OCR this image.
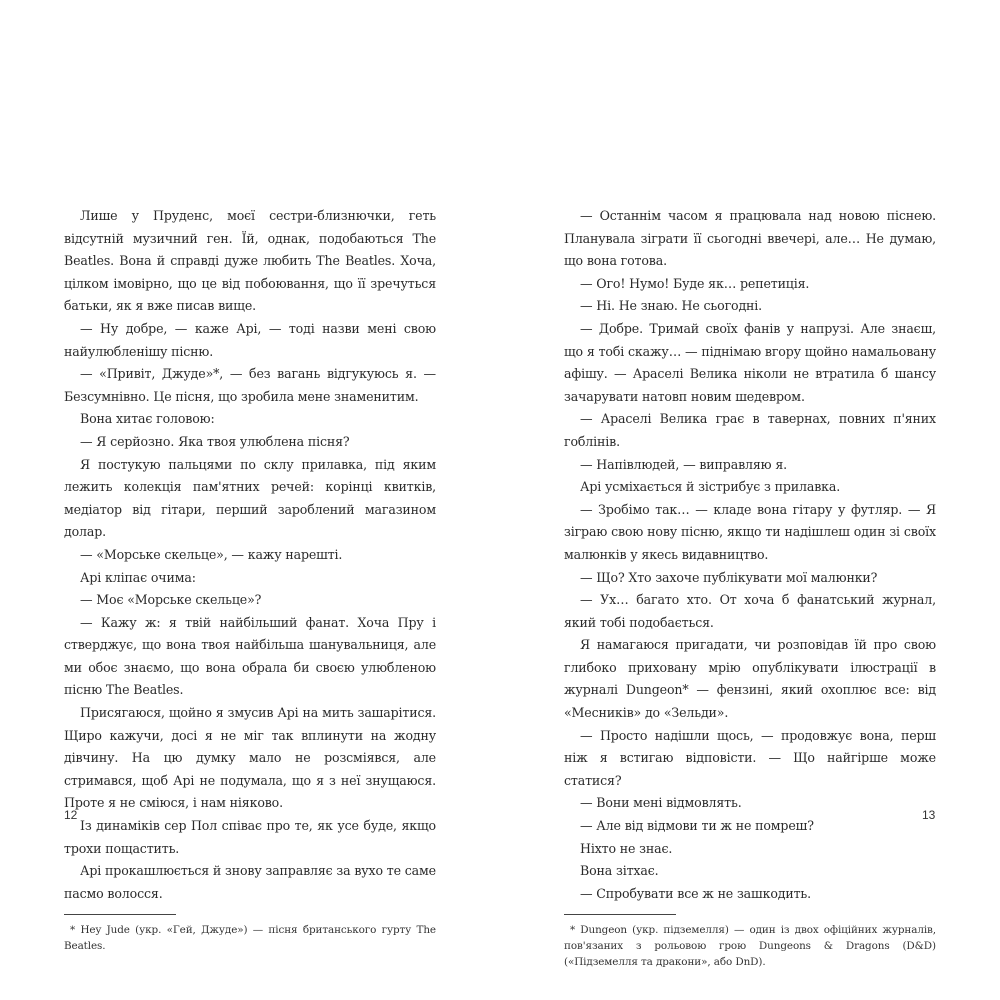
Лише у Пруденс, моєї сестри-близнючки, геть відсутній музичний ген. Їй, однак, подобаються The Beatles. Вона й справді дуже любить The Beatles. Хоча, цілком імовірно, що це від побоювання, що її зречуться батьки, як я вже писав вище.

— Ну добре, — каже Арі, — тоді назви мені свою найулюбленішу пісню.

— «Привіт, Джуде»*, — без вагань відгукуюсь я. — Безсумнівно. Це пісня, що зробила мене знаменитим.

Вона хитає головою:

— Я серйозно. Яка твоя улюблена пісня?

Я постукую пальцями по склу прилавка, під яким лежить колекція пам'ятних речей: корінці квитків, медіатор від гітари, перший зароблений магазином долар.

— «Морське скельце», — кажу нарешті.

Арі кліпає очима:

— Моє «Морське скельце»?

— Кажу ж: я твій найбільший фанат. Хоча Пру і стверджує, що вона твоя найбільша шанувальниця, але ми обоє знаємо, що вона обрала би своєю улюбленою пісню The Beatles.

Присягаюся, щойно я змусив Арі на мить зашарітися. Щиро кажучи, досі я не міг так вплинути на жодну дівчину. На цю думку мало не розсміявся, але стримався, щоб Арі не подумала, що я з неї знущаюся. Проте я не сміюся, і нам ніяково.

Із динаміків сер Пол співає про те, як усе буде, якщо трохи пощастить.

Арі прокашлюється й знову заправляє за вухо те саме пасмо волосся.

* Hey Jude (укр. «Гей, Джуде») — пісня британського гурту The Beatles.

— Останнім часом я працювала над новою піснею. Планувала зіграти її сьогодні ввечері, але… Не думаю, що вона готова.

— Ого! Нумо! Буде як… репетиція.

— Ні. Не знаю. Не сьогодні.

— Добре. Тримай своїх фанів у напрузі. Але знаєш, що я тобі скажу… — піднімаю вгору щойно намальовану афішу. — Араселі Велика ніколи не втратила б шансу зачарувати натовп новим шедевром.

— Араселі Велика грає в тавернах, повних п'яних гоблінів.

— Напівлюдей, — виправляю я.

Арі усміхається й зістрибує з прилавка.

— Зробімо так… — кладе вона гітару у футляр. — Я зіграю свою нову пісню, якщо ти надішлеш один зі своїх малюнків у якесь видавництво.

— Що? Хто захоче публікувати мої малюнки?

— Ух… багато хто. От хоча б фанатський журнал, який тобі подобається.

Я намагаюся пригадати, чи розповідав їй про свою глибоко приховану мрію опублікувати ілюстрації в журналі Dungeon* — фензині, який охоплює все: від «Месників» до «Зельди».

— Просто надішли щось, — продовжує вона, перш ніж я встигаю відповісти. — Що найгірше може статися?

— Вони мені відмовлять.

— Але від відмови ти ж не помреш?

Ніхто не знає.

Вона зітхає.

— Спробувати все ж не зашкодить.

* Dungeon (укр. підземелля) — один із двох офіційних журналів, пов'язаних з рольовою грою Dungeons & Dragons (D&D) («Підземелля та дракони», або DnD).

12	13
